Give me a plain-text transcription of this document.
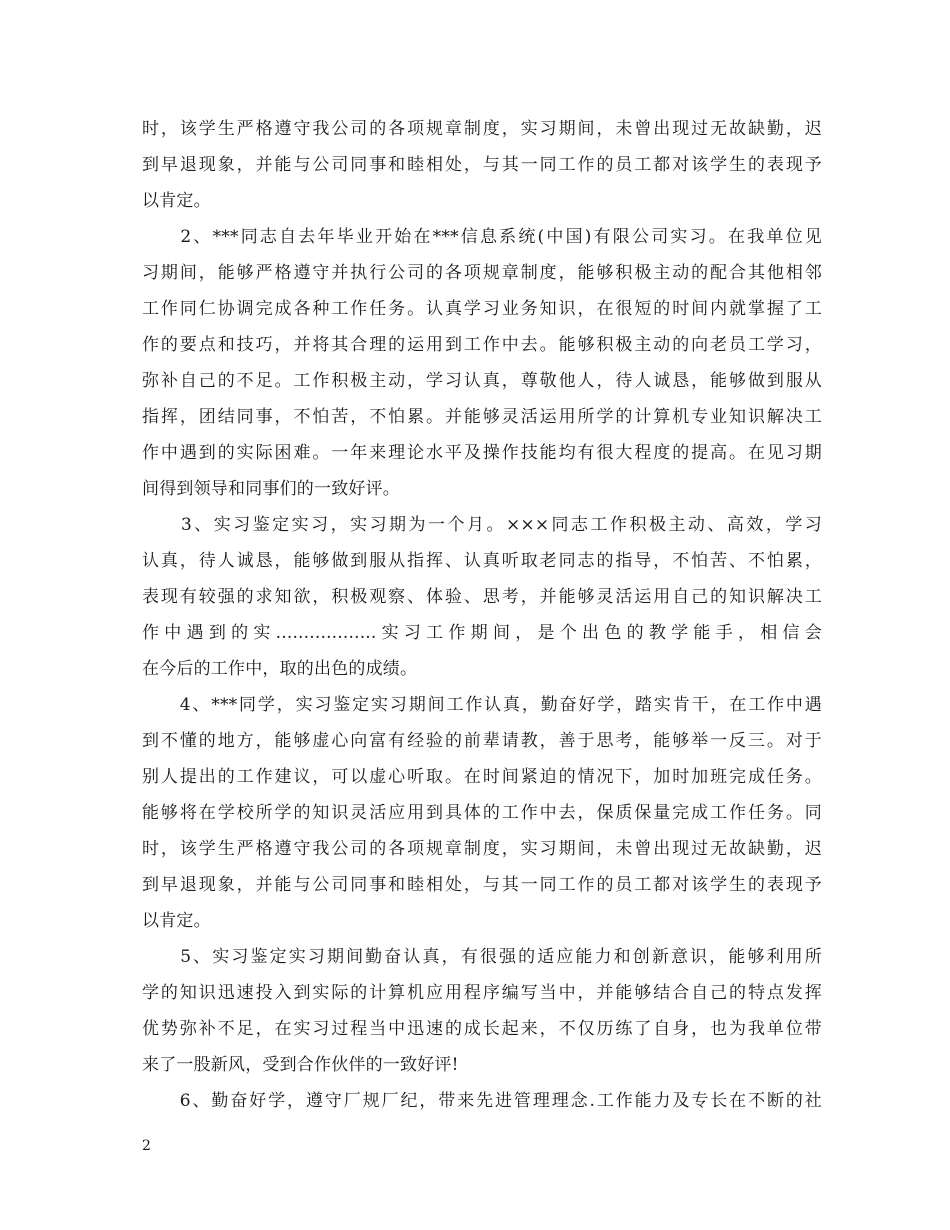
时，该学生严格遵守我公司的各项规章制度，实习期间，未曾出现过无故缺勤，迟
到早退现象，并能与公司同事和睦相处，与其一同工作的员工都对该学生的表现予
以肯定。
　　2、***同志自去年毕业开始在***信息系统(中国)有限公司实习。在我单位见
习期间，能够严格遵守并执行公司的各项规章制度，能够积极主动的配合其他相邻
工作同仁协调完成各种工作任务。认真学习业务知识，在很短的时间内就掌握了工
作的要点和技巧，并将其合理的运用到工作中去。能够积极主动的向老员工学习，
弥补自己的不足。工作积极主动，学习认真，尊敬他人，待人诚恳，能够做到服从
指挥，团结同事，不怕苦，不怕累。并能够灵活运用所学的计算机专业知识解决工
作中遇到的实际困难。一年来理论水平及操作技能均有很大程度的提高。在见习期
间得到领导和同事们的一致好评。
　　3、实习鉴定实习，实习期为一个月。×××同志工作积极主动、高效，学习
认真，待人诚恳，能够做到服从指挥、认真听取老同志的指导，不怕苦、不怕累，
表现有较强的求知欲，积极观察、体验、思考，并能够灵活运用自己的知识解决工
作中遇到的实..................实习工作期间，是个出色的教学能手，相信会
在今后的工作中，取的出色的成绩。
　　4、***同学，实习鉴定实习期间工作认真，勤奋好学，踏实肯干，在工作中遇
到不懂的地方，能够虚心向富有经验的前辈请教，善于思考，能够举一反三。对于
别人提出的工作建议，可以虚心听取。在时间紧迫的情况下，加时加班完成任务。
能够将在学校所学的知识灵活应用到具体的工作中去，保质保量完成工作任务。同
时，该学生严格遵守我公司的各项规章制度，实习期间，未曾出现过无故缺勤，迟
到早退现象，并能与公司同事和睦相处，与其一同工作的员工都对该学生的表现予
以肯定。
　　5、实习鉴定实习期间勤奋认真，有很强的适应能力和创新意识，能够利用所
学的知识迅速投入到实际的计算机应用程序编写当中，并能够结合自己的特点发挥
优势弥补不足，在实习过程当中迅速的成长起来，不仅历练了自身，也为我单位带
来了一股新风，受到合作伙伴的一致好评!
　　6、勤奋好学，遵守厂规厂纪，带来先进管理理念.工作能力及专长在不断的社
2
